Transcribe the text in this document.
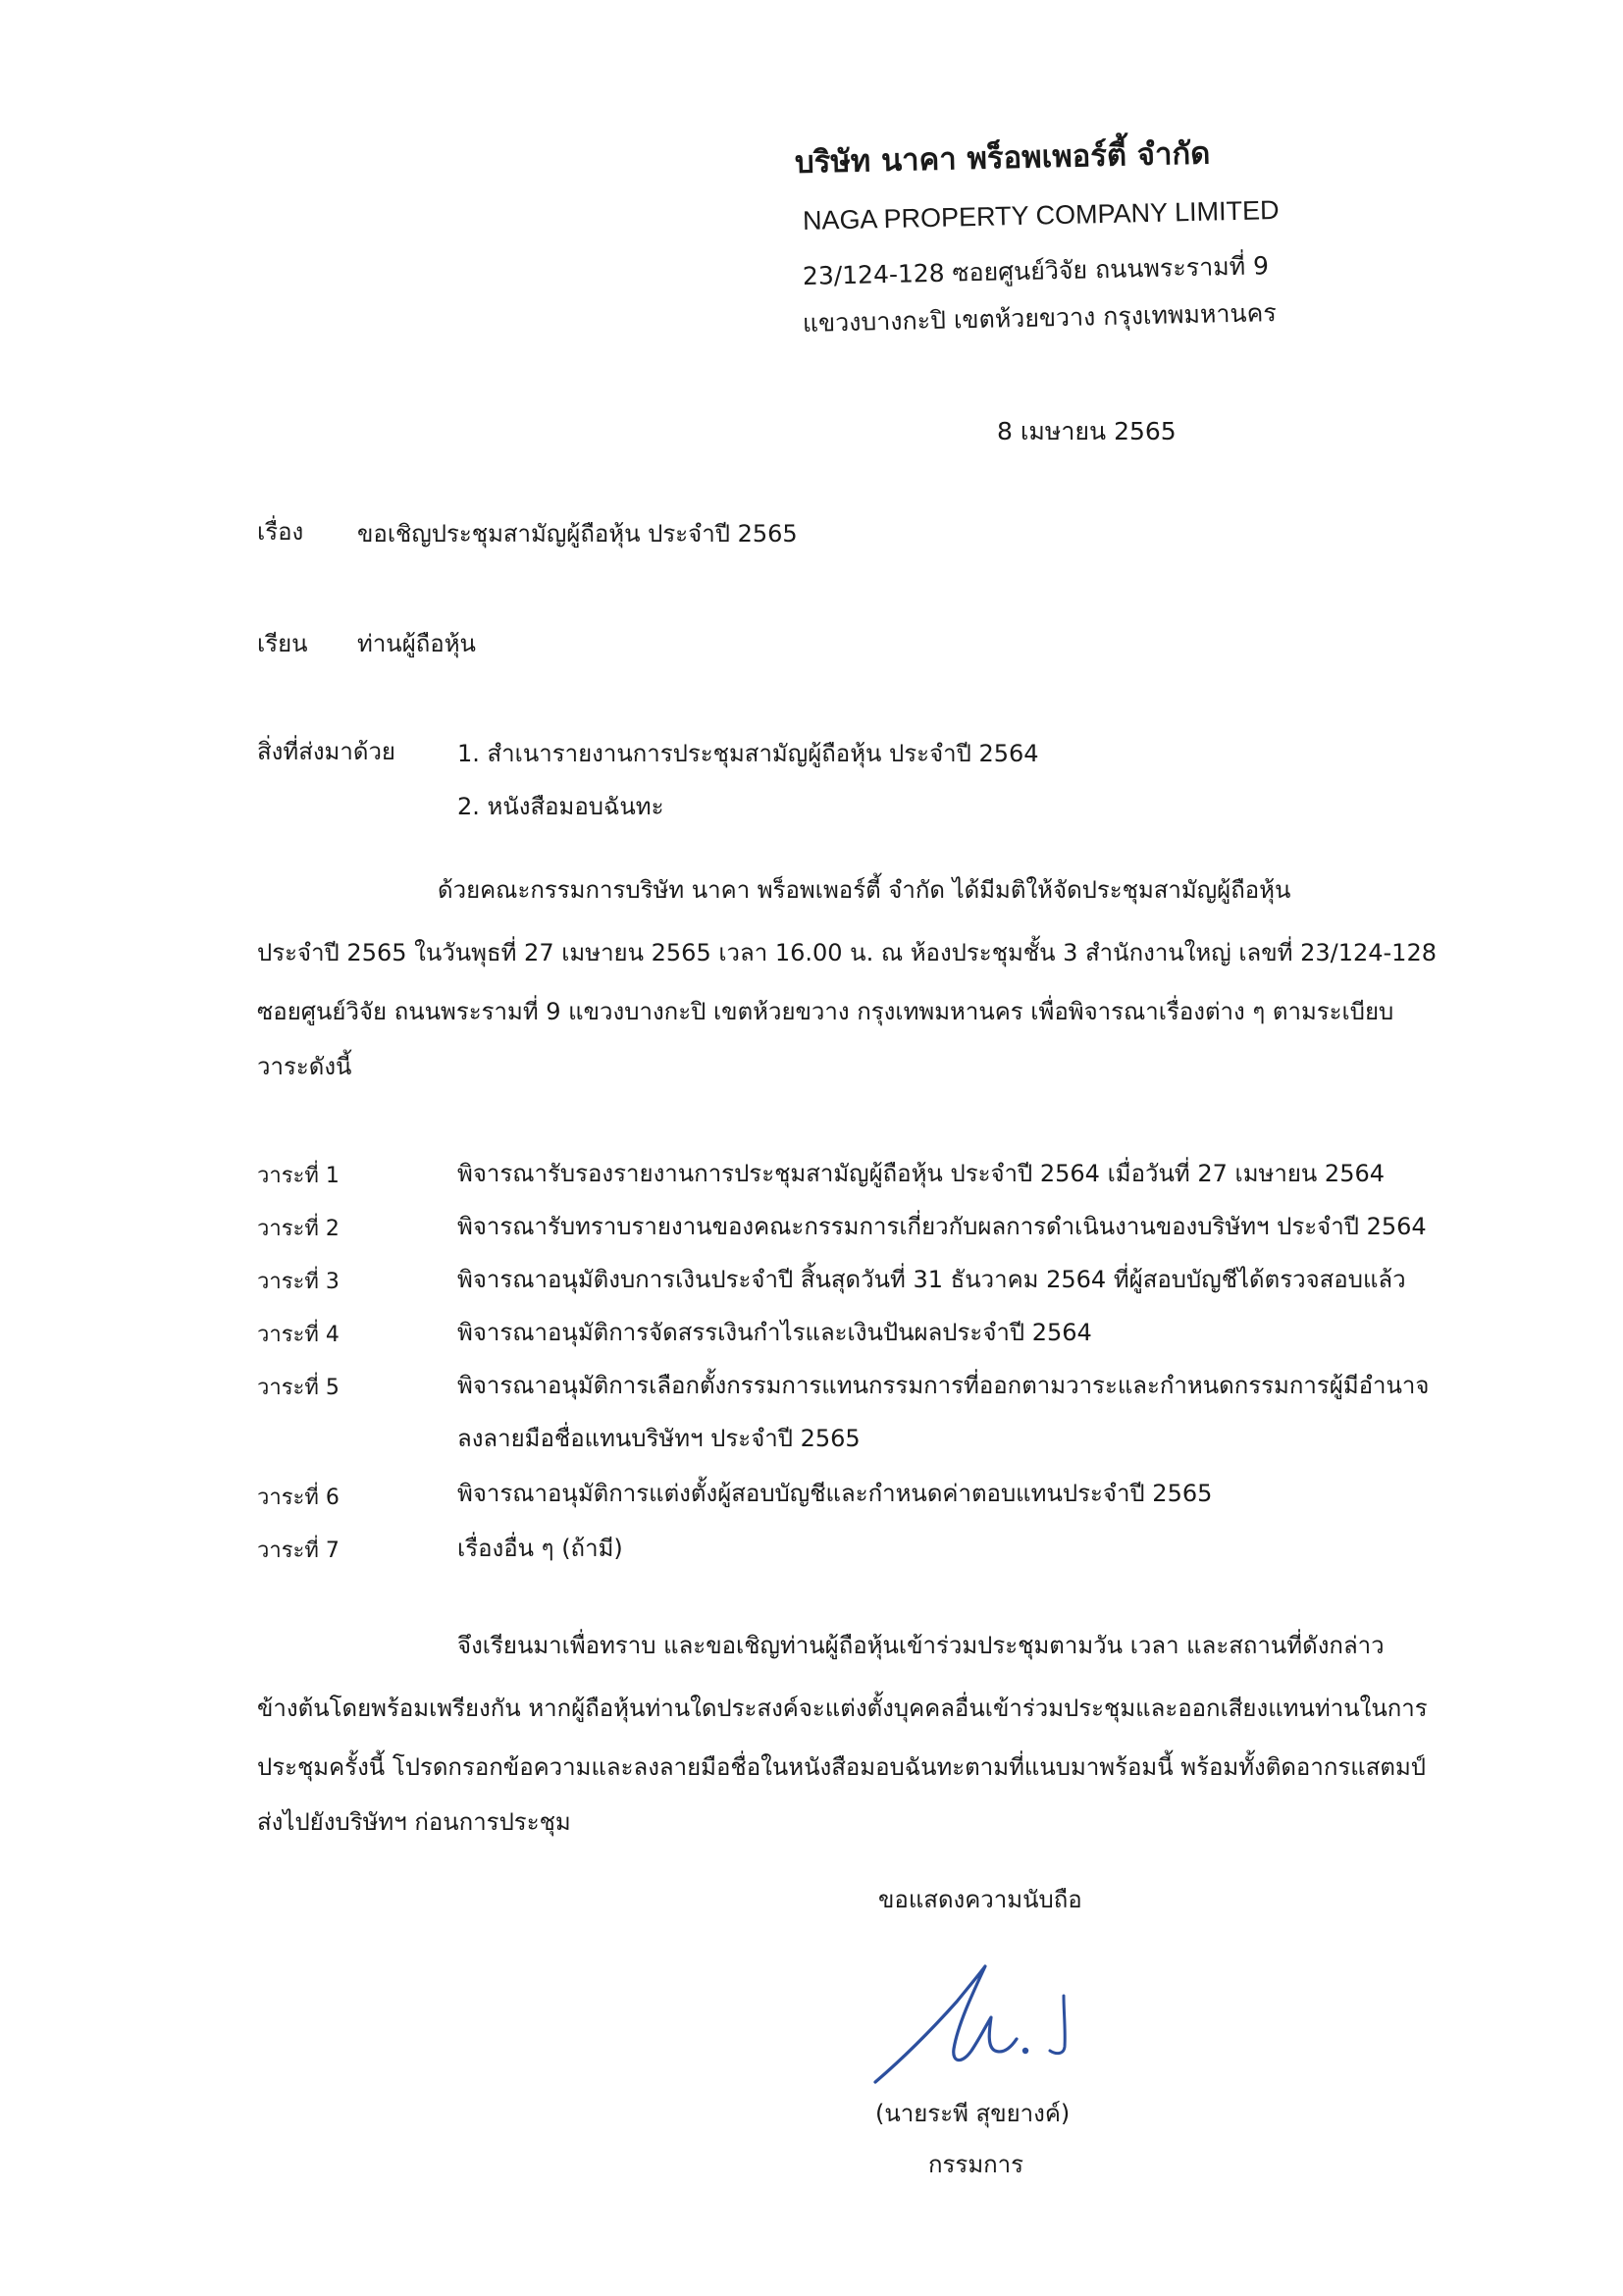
บริษัท นาคา พร็อพเพอร์ตี้ จำกัด
NAGA PROPERTY COMPANY LIMITED
23/124-128 ซอยศูนย์วิจัย ถนนพระรามที่ 9
แขวงบางกะปิ เขตห้วยขวาง กรุงเทพมหานคร
8 เมษายน 2565
เรื่อง ขอเชิญประชุมสามัญผู้ถือหุ้น ประจำปี 2565
เรียน ท่านผู้ถือหุ้น
สิ่งที่ส่งมาด้วย	1. สำเนารายงานการประชุมสามัญผู้ถือหุ้น ประจำปี 2564
2. หนังสือมอบฉันทะ
ด้วยคณะกรรมการบริษัท นาคา พร็อพเพอร์ตี้ จำกัด ได้มีมติให้จัดประชุมสามัญผู้ถือหุ้น
ประจำปี 2565 ในวันพุธที่ 27 เมษายน 2565 เวลา 16.00 น. ณ ห้องประชุมชั้น 3 สำนักงานใหญ่ เลขที่ 23/124-128
ซอยศูนย์วิจัย ถนนพระรามที่ 9 แขวงบางกะปิ เขตห้วยขวาง กรุงเทพมหานคร เพื่อพิจารณาเรื่องต่าง ๆ ตามระเบียบ
วาระดังนี้
วาระที่ 1	พิจารณารับรองรายงานการประชุมสามัญผู้ถือหุ้น ประจำปี 2564 เมื่อวันที่ 27 เมษายน 2564
วาระที่ 2	พิจารณารับทราบรายงานของคณะกรรมการเกี่ยวกับผลการดำเนินงานของบริษัทฯ ประจำปี 2564
วาระที่ 3	พิจารณาอนุมัติงบการเงินประจำปี สิ้นสุดวันที่ 31 ธันวาคม 2564 ที่ผู้สอบบัญชีได้ตรวจสอบแล้ว
วาระที่ 4	พิจารณาอนุมัติการจัดสรรเงินกำไรและเงินปันผลประจำปี 2564
วาระที่ 5	พิจารณาอนุมัติการเลือกตั้งกรรมการแทนกรรมการที่ออกตามวาระและกำหนดกรรมการผู้มีอำนาจ
ลงลายมือชื่อแทนบริษัทฯ ประจำปี 2565
วาระที่ 6	พิจารณาอนุมัติการแต่งตั้งผู้สอบบัญชีและกำหนดค่าตอบแทนประจำปี 2565
วาระที่ 7	เรื่องอื่น ๆ (ถ้ามี)
จึงเรียนมาเพื่อทราบ และขอเชิญท่านผู้ถือหุ้นเข้าร่วมประชุมตามวัน เวลา และสถานที่ดังกล่าว
ข้างต้นโดยพร้อมเพรียงกัน หากผู้ถือหุ้นท่านใดประสงค์จะแต่งตั้งบุคคลอื่นเข้าร่วมประชุมและออกเสียงแทนท่านในการ
ประชุมครั้งนี้ โปรดกรอกข้อความและลงลายมือชื่อในหนังสือมอบฉันทะตามที่แนบมาพร้อมนี้ พร้อมทั้งติดอากรแสตมป์
ส่งไปยังบริษัทฯ ก่อนการประชุม
ขอแสดงความนับถือ
(นายระพี สุขยางค์)
กรรมการ
